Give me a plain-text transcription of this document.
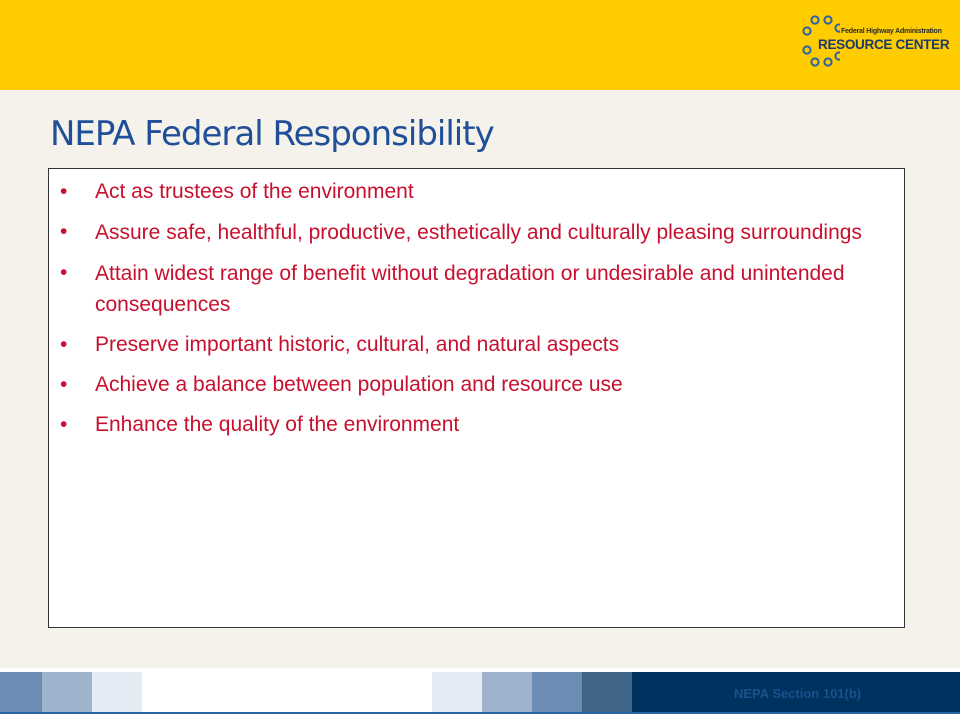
Federal Highway Administration
RESOURCE CENTER
NEPA Federal Responsibility
• Act as trustees of the environment
• Assure safe, healthful, productive, esthetically and culturally pleasing surroundings
• Attain widest range of benefit without degradation or undesirable and unintended consequences
• Preserve important historic, cultural, and natural aspects
• Achieve a balance between population and resource use
• Enhance the quality of the environment
NEPA Section 101(b)
